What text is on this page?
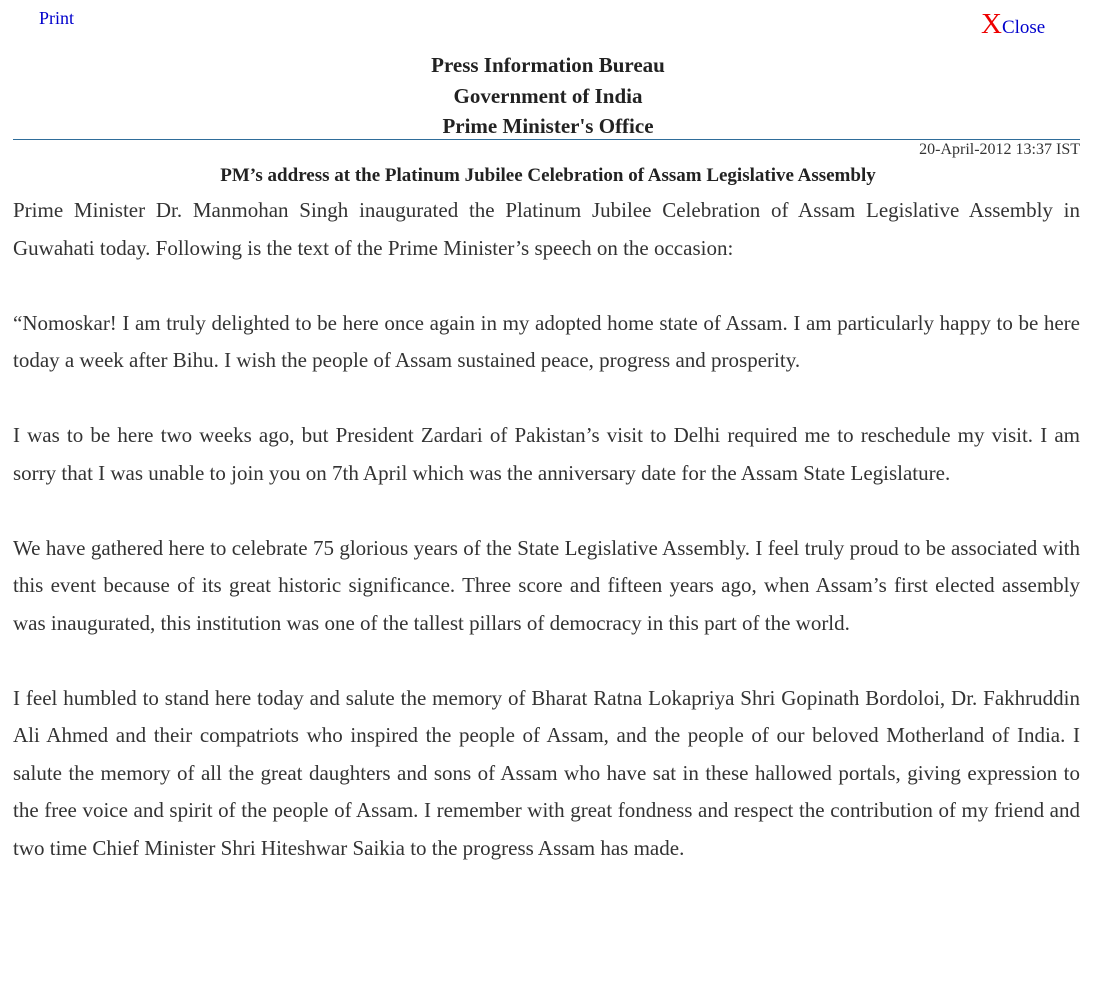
Print	XClose
Press Information Bureau
Government of India
Prime Minister's Office
20-April-2012 13:37 IST
PM’s address at the Platinum Jubilee Celebration of Assam Legislative Assembly

Prime Minister Dr. Manmohan Singh inaugurated the Platinum Jubilee Celebration of Assam Legislative Assembly in Guwahati today. Following is the text of the Prime Minister’s speech on the occasion:

“Nomoskar! I am truly delighted to be here once again in my adopted home state of Assam. I am particularly happy to be here today a week after Bihu. I wish the people of Assam sustained peace, progress and prosperity.

I was to be here two weeks ago, but President Zardari of Pakistan’s visit to Delhi required me to reschedule my visit. I am sorry that I was unable to join you on 7th April which was the anniversary date for the Assam State Legislature.

We have gathered here to celebrate 75 glorious years of the State Legislative Assembly. I feel truly proud to be associated with this event because of its great historic significance. Three score and fifteen years ago, when Assam’s first elected assembly was inaugurated, this institution was one of the tallest pillars of democracy in this part of the world.

I feel humbled to stand here today and salute the memory of Bharat Ratna Lokapriya Shri Gopinath Bordoloi, Dr. Fakhruddin Ali Ahmed and their compatriots who inspired the people of Assam, and the people of our beloved Motherland of India. I salute the memory of all the great daughters and sons of Assam who have sat in these hallowed portals, giving expression to the free voice and spirit of the people of Assam. I remember with great fondness and respect the contribution of my friend and two time Chief Minister Shri Hiteshwar Saikia to the progress Assam has made.
